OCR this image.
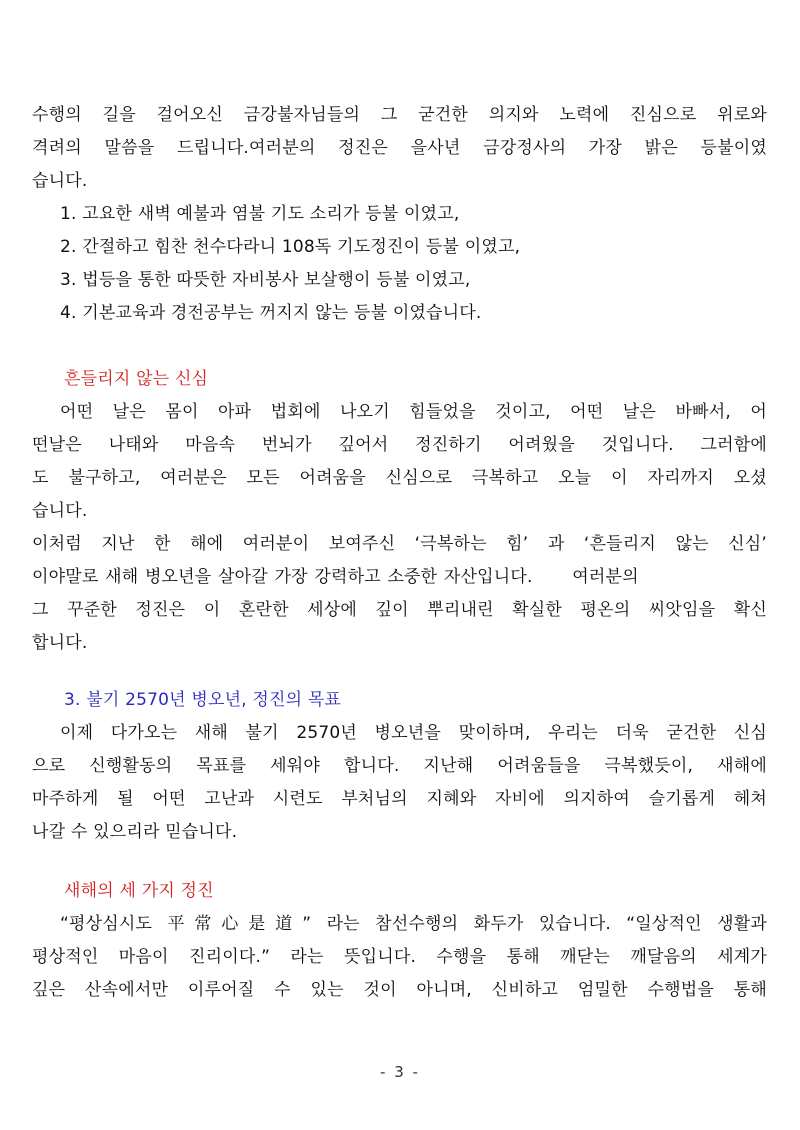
수행의 길을 걸어오신 금강불자님들의 그 굳건한 의지와 노력에 진심으로 위로와
격려의 말씀을 드립니다.여러분의 정진은 을사년 금강정사의 가장 밝은 등불이였
습니다.
1. 고요한 새벽 예불과 염불 기도 소리가 등불 이였고,
2. 간절하고 힘찬 천수다라니 108독 기도정진이 등불 이였고,
3. 법등을 통한 따뜻한 자비봉사 보살행이 등불 이였고,
4. 기본교육과 경전공부는 꺼지지 않는 등불 이였습니다.
흔들리지 않는 신심
어떤 날은 몸이 아파 법회에 나오기 힘들었을 것이고, 어떤 날은 바빠서, 어
떤날은 나태와 마음속 번뇌가 깊어서 정진하기 어려웠을 것입니다. 그러함에
도 불구하고, 여러분은 모든 어려움을 신심으로 극복하고 오늘 이 자리까지 오셨
습니다.
이처럼 지난 한 해에 여러분이 보여주신 ‘극복하는 힘’ 과 ‘흔들리지 않는 신심’
이야말로 새해 병오년을 살아갈 가장 강력하고 소중한 자산입니다.      여러분의
그 꾸준한 정진은 이 혼란한 세상에 깊이 뿌리내린 확실한 평온의 씨앗임을 확신
합니다.
3. 불기 2570년 병오년, 정진의 목표
이제 다가오는 새해 불기 2570년 병오년을 맞이하며, 우리는 더욱 굳건한 신심
으로 신행활동의 목표를 세워야 합니다. 지난해 어려움들을 극복했듯이, 새해에
마주하게 될 어떤 고난과 시련도 부처님의 지혜와 자비에 의지하여 슬기롭게 헤쳐
나갈 수 있으리라 믿습니다.
새해의 세 가지 정진
“평상심시도 平常心是道” 라는 참선수행의 화두가 있습니다. “일상적인 생활과
평상적인 마음이 진리이다.” 라는 뜻입니다. 수행을 통해 깨닫는 깨달음의 세계가
깊은 산속에서만 이루어질 수 있는 것이 아니며, 신비하고 엄밀한 수행법을 통해
- 3 -
